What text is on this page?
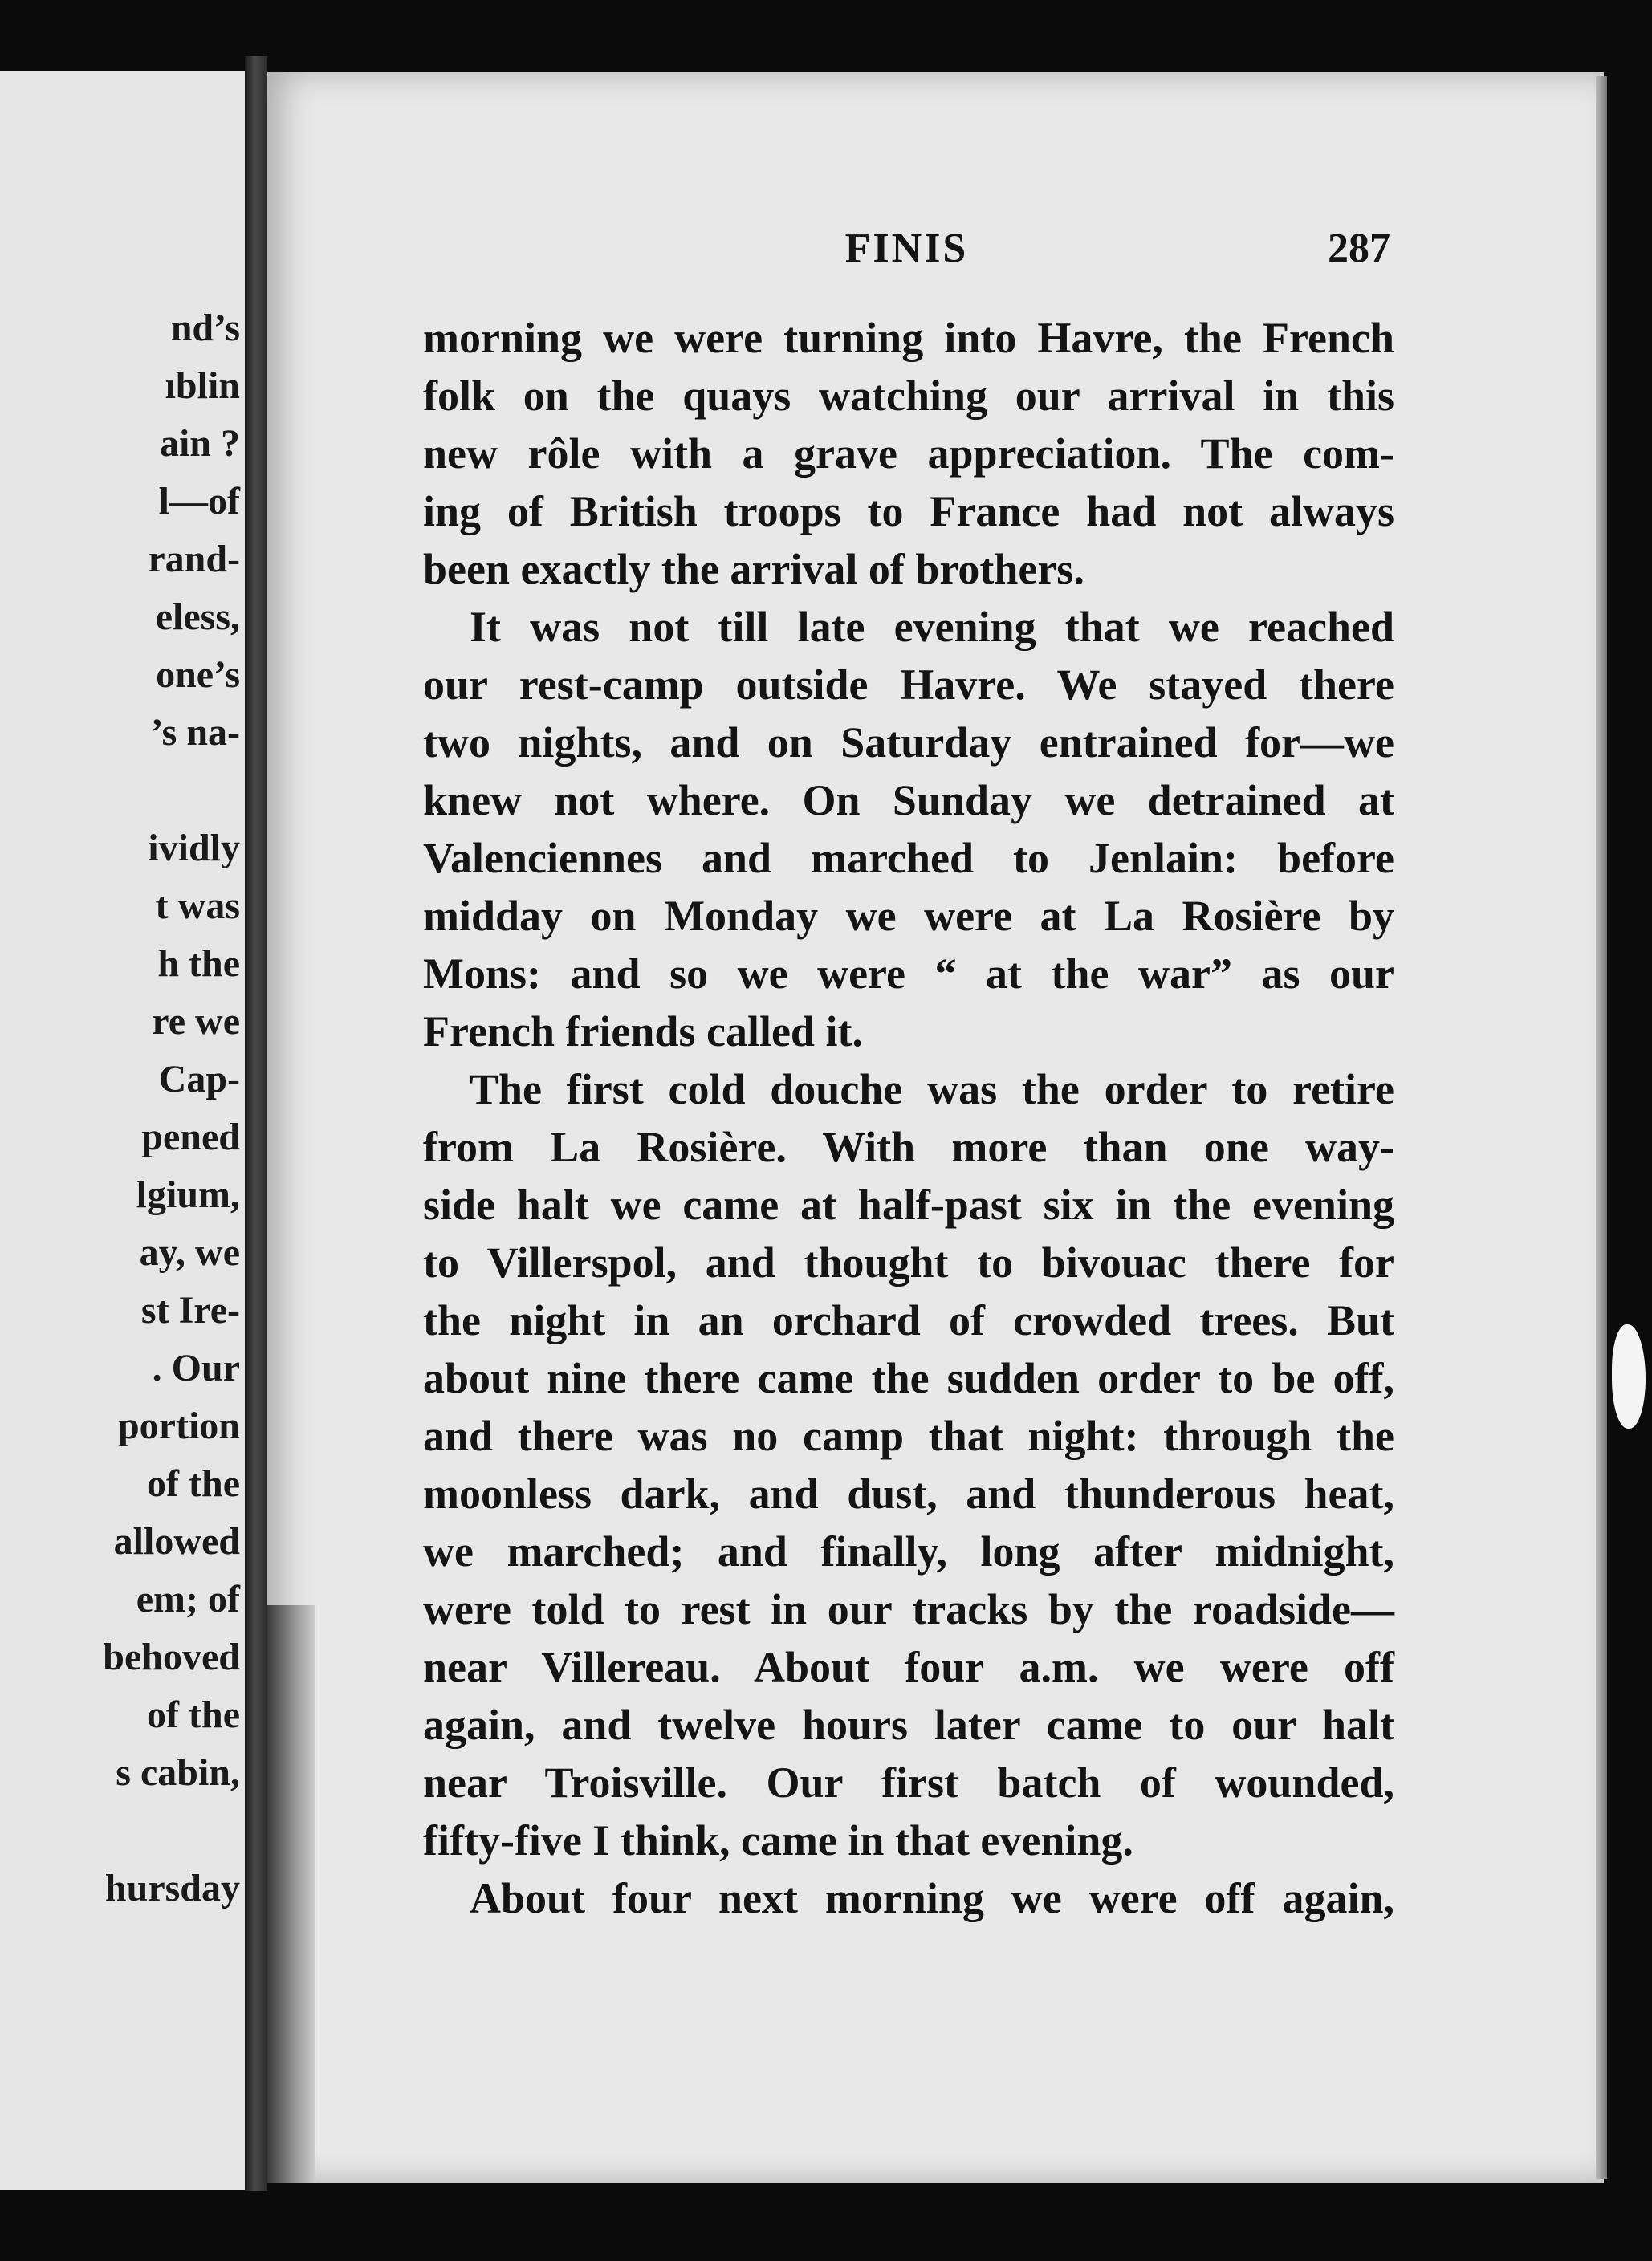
nd’s
ıblin
ain ?
l—of
rand-
eless,
one’s
’s na-
ividly
t was
h the
re we
Cap-
pened
lgium,
ay, we
st Ire-
. Our
portion
of the
allowed
em; of
behoved
of the
s cabin,
hursday
FINIS	287
morning we were turning into Havre, the French
folk on the quays watching our arrival in this
new rôle with a grave appreciation. The com-
ing of British troops to France had not always
been exactly the arrival of brothers.
It was not till late evening that we reached
our rest-camp outside Havre. We stayed there
two nights, and on Saturday entrained for—we
knew not where. On Sunday we detrained at
Valenciennes and marched to Jenlain: before
midday on Monday we were at La Rosière by
Mons: and so we were “ at the war” as our
French friends called it.
The first cold douche was the order to retire
from La Rosière. With more than one way-
side halt we came at half-past six in the evening
to Villerspol, and thought to bivouac there for
the night in an orchard of crowded trees. But
about nine there came the sudden order to be off,
and there was no camp that night: through the
moonless dark, and dust, and thunderous heat,
we marched; and finally, long after midnight,
were told to rest in our tracks by the roadside—
near Villereau. About four a.m. we were off
again, and twelve hours later came to our halt
near Troisville. Our first batch of wounded,
fifty-five I think, came in that evening.
About four next morning we were off again,
